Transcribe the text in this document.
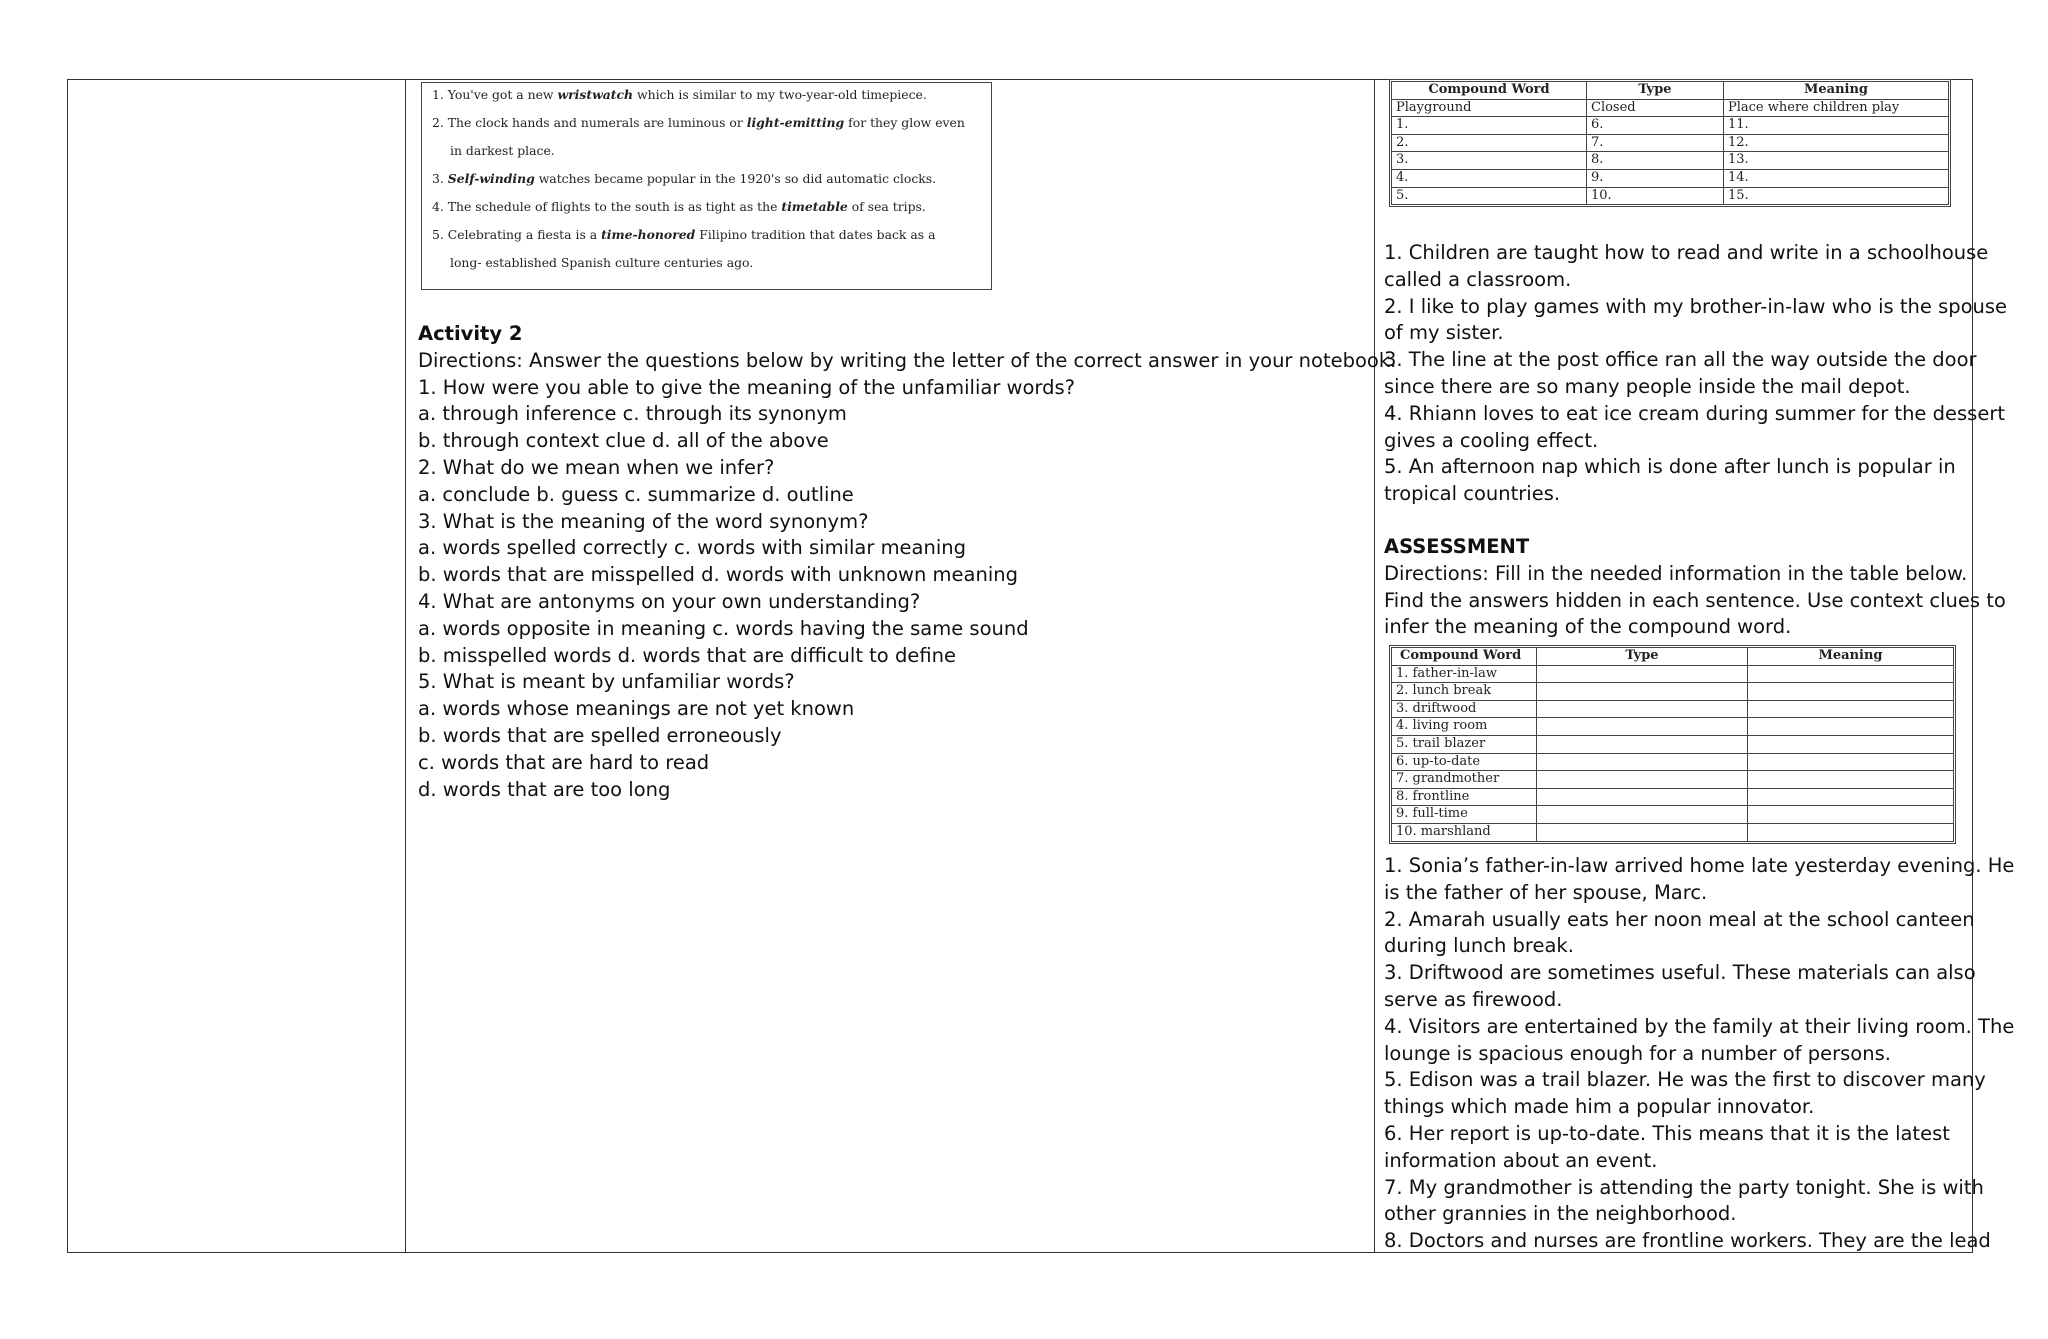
1. You've got a new wristwatch which is similar to my two-year-old timepiece.
2. The clock hands and numerals are luminous or light-emitting for they glow even
in darkest place.
3. Self-winding watches became popular in the 1920's so did automatic clocks.
4. The schedule of flights to the south is as tight as the timetable of sea trips.
5. Celebrating a fiesta is a time-honored Filipino tradition that dates back as a
long- established Spanish culture centuries ago.
Activity 2
Directions: Answer the questions below by writing the letter of the correct answer in your notebook.
1. How were you able to give the meaning of the unfamiliar words?
a. through inference c. through its synonym
b. through context clue d. all of the above
2. What do we mean when we infer?
a. conclude b. guess c. summarize d. outline
3. What is the meaning of the word synonym?
a. words spelled correctly c. words with similar meaning
b. words that are misspelled d. words with unknown meaning
4. What are antonyms on your own understanding?
a. words opposite in meaning c. words having the same sound
b. misspelled words d. words that are difficult to define
5. What is meant by unfamiliar words?
a. words whose meanings are not yet known
b. words that are spelled erroneously
c. words that are hard to read
d. words that are too long
Compound Word	Type	Meaning
Playground	Closed	Place where children play
1.	6.	11.
2.	7.	12.
3.	8.	13.
4.	9.	14.
5.	10.	15.
1. Children are taught how to read and write in a schoolhouse
called a classroom.
2. I like to play games with my brother-in-law who is the spouse
of my sister.
3. The line at the post office ran all the way outside the door
since there are so many people inside the mail depot.
4. Rhiann loves to eat ice cream during summer for the dessert
gives a cooling effect.
5. An afternoon nap which is done after lunch is popular in
tropical countries.
ASSESSMENT
Directions: Fill in the needed information in the table below.
Find the answers hidden in each sentence. Use context clues to
infer the meaning of the compound word.
Compound Word	Type	Meaning
1. father-in-law		
2. lunch break		
3. driftwood		
4. living room		
5. trail blazer		
6. up-to-date		
7. grandmother		
8. frontline		
9. full-time		
10. marshland		
1. Sonia’s father-in-law arrived home late yesterday evening. He
is the father of her spouse, Marc.
2. Amarah usually eats her noon meal at the school canteen
during lunch break.
3. Driftwood are sometimes useful. These materials can also
serve as firewood.
4. Visitors are entertained by the family at their living room. The
lounge is spacious enough for a number of persons.
5. Edison was a trail blazer. He was the first to discover many
things which made him a popular innovator.
6. Her report is up-to-date. This means that it is the latest
information about an event.
7. My grandmother is attending the party tonight. She is with
other grannies in the neighborhood.
8. Doctors and nurses are frontline workers. They are the lead
